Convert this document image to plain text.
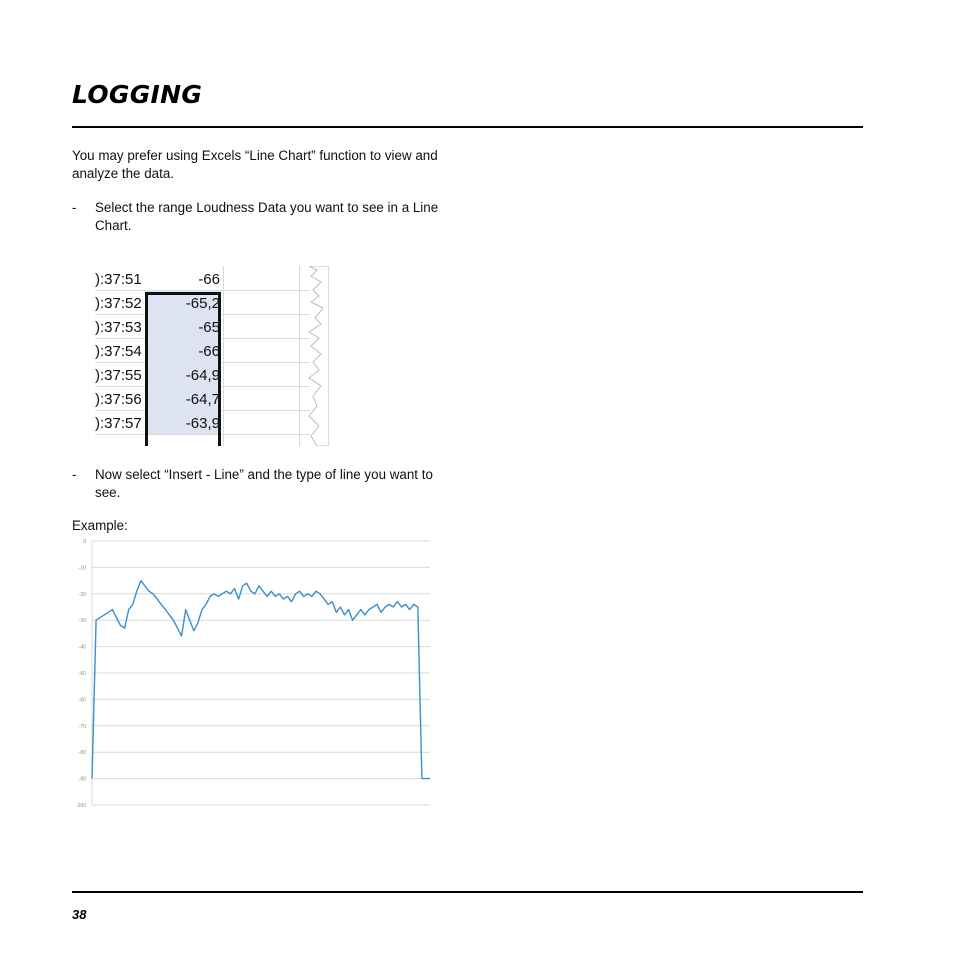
LOGGING

You may prefer using Excels “Line Chart” function to view and analyze the data.

- Select the range Loudness Data you want to see in a Line Chart.
):37:51	-66
):37:52	-65,2
):37:53	-65
):37:54	-66
):37:55	-64,9
):37:56	-64,7
):37:57	-63,9
- Now select “Insert - Line” and the type of line you want to see.

Example:

0
-10
-20
-30
-40
-60
-60
-70
-80
-90
-100
38
